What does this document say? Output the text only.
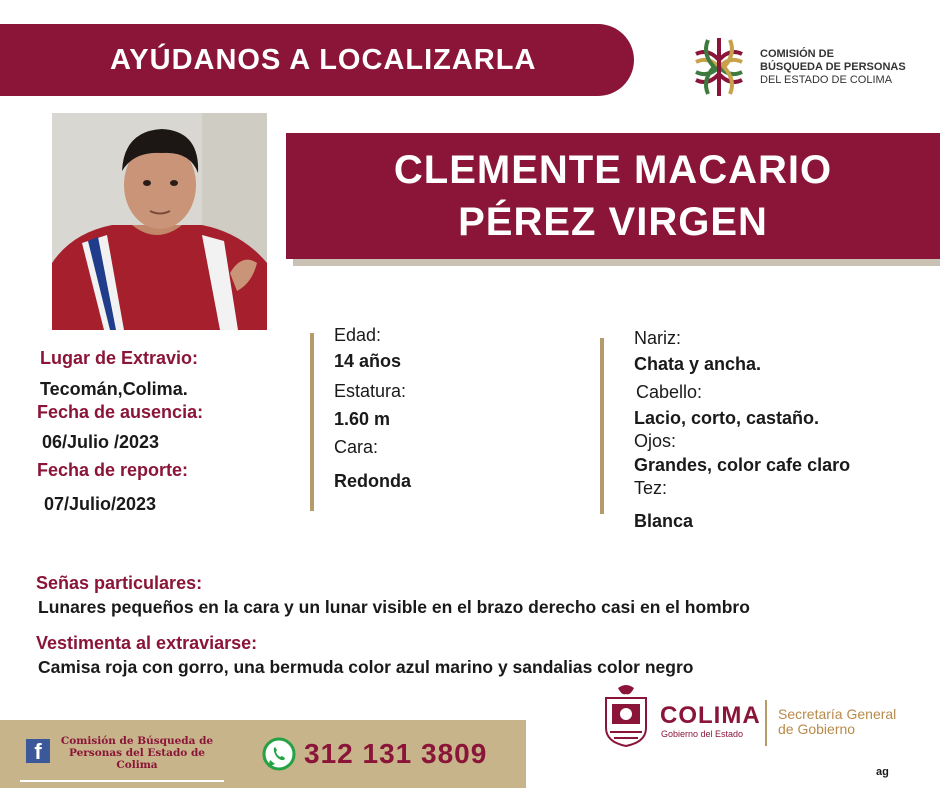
AYÚDANOS A LOCALIZARLA	COMISIÓN DE
BÚSQUEDA DE PERSONAS
DEL ESTADO DE COLIMA
CLEMENTE MACARIO
PÉREZ VIRGEN
Lugar de Extravio:
Tecomán,Colima.
Fecha de ausencia:
06/Julio /2023
Fecha de reporte:
07/Julio/2023
Edad:
14 años
Estatura:
1.60 m
Cara:
Redonda
Nariz:
Chata y ancha.
Cabello:
Lacio, corto, castaño.
Ojos:
Grandes, color cafe claro
Tez:
Blanca
Señas particulares:
Lunares pequeños en la cara y un lunar visible en el brazo derecho casi en el hombro
Vestimenta al extraviarse:
Camisa roja con gorro, una bermuda color azul marino y sandalias color negro
f	Comisión de Búsqueda de Personas del Estado de Colima	312 131 3809
COLIMA
Gobierno del Estado
Secretaría General
de Gobierno
ag
